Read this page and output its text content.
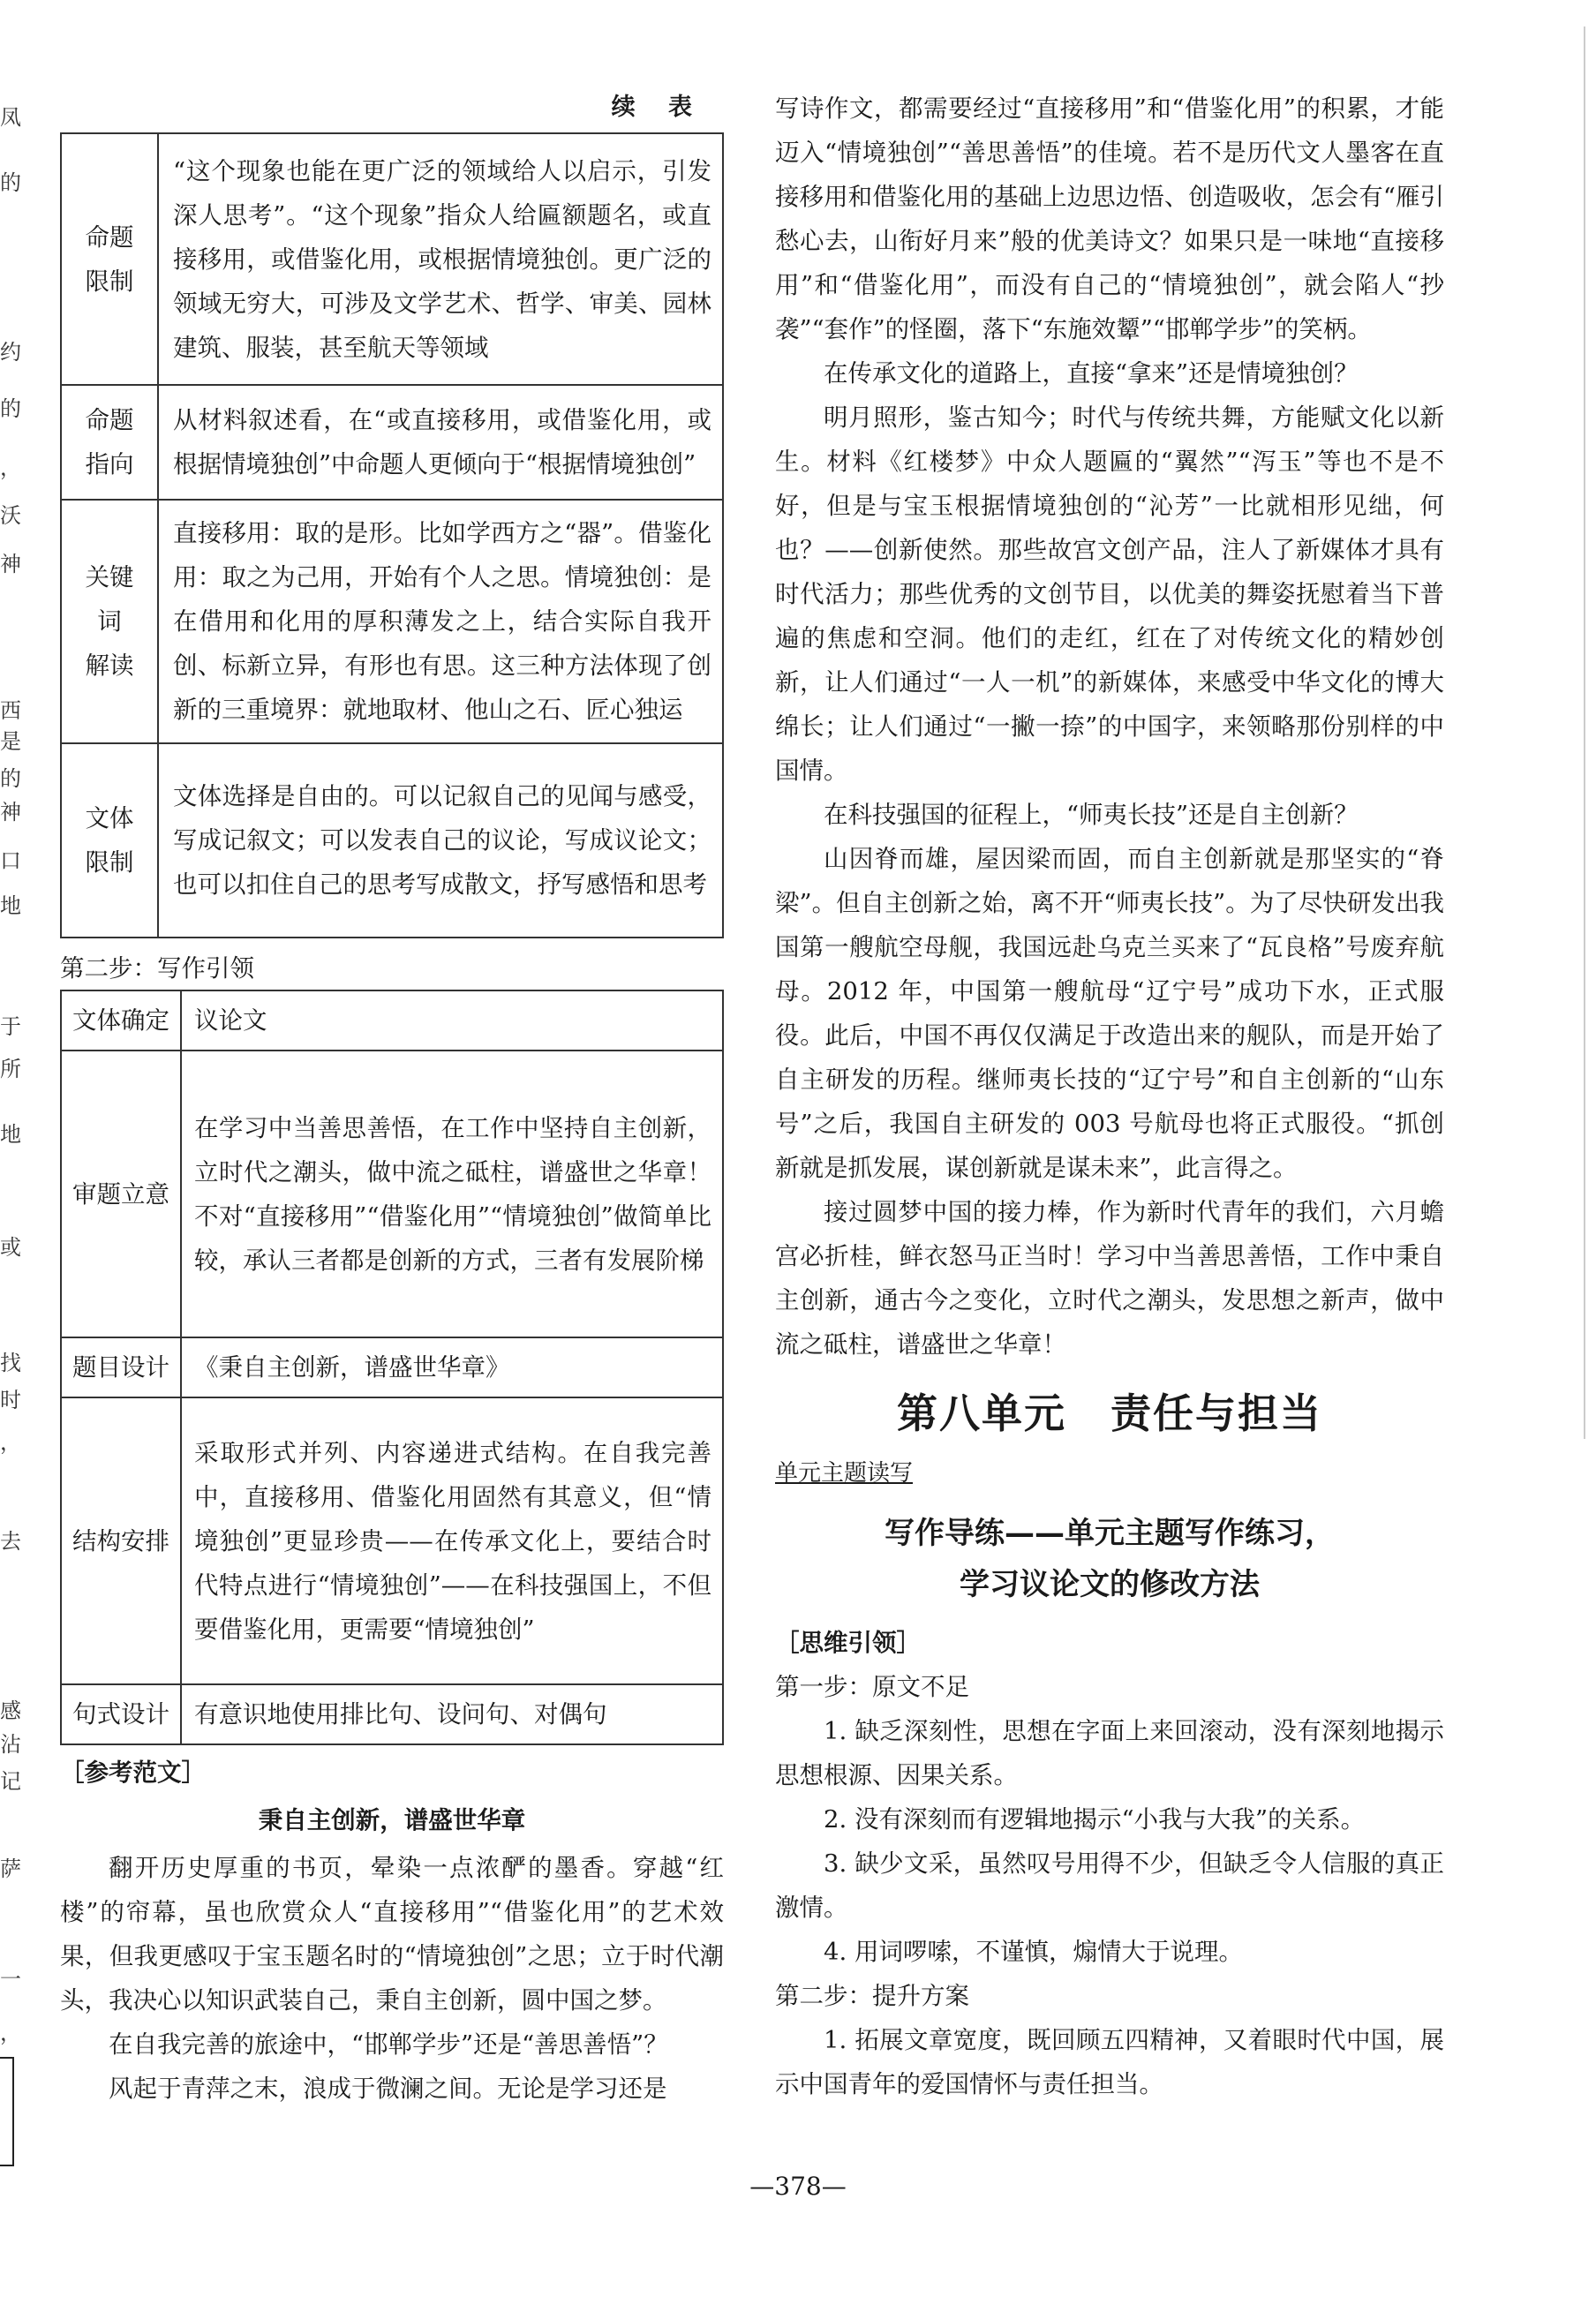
凤
的
约
的
，
沃
神
西
是
的
神
口
地
于
所
地
或
找
时
，
去
感
沾
记
萨
一
，
续 表
命题
限制	“这个现象也能在更广泛的领域给人以启示，引发深人思考”。“这个现象”指众人给匾额题名，或直接移用，或借鉴化用，或根据情境独创。更广泛的领域无穷大，可涉及文学艺术、哲学、审美、园林建筑、服装，甚至航天等领域
命题
指向	从材料叙述看，在“或直接移用，或借鉴化用，或根据情境独创”中命题人更倾向于“根据情境独创”
关键
词
解读	直接移用：取的是形。比如学西方之“器”。借鉴化用：取之为己用，开始有个人之思。情境独创：是在借用和化用的厚积薄发之上，结合实际自我开创、标新立异，有形也有思。这三种方法体现了创新的三重境界：就地取材、他山之石、匠心独运
文体
限制	文体选择是自由的。可以记叙自己的见闻与感受，写成记叙文；可以发表自己的议论，写成议论文；也可以扣住自己的思考写成散文，抒写感悟和思考
第二步：写作引领
文体确定	议论文
审题立意	在学习中当善思善悟，在工作中坚持自主创新，立时代之潮头，做中流之砥柱，谱盛世之华章！不对“直接移用”“借鉴化用”“情境独创”做简单比较，承认三者都是创新的方式，三者有发展阶梯
题目设计	《秉自主创新，谱盛世华章》
结构安排	采取形式并列、内容递进式结构。在自我完善中，直接移用、借鉴化用固然有其意义，但“情境独创”更显珍贵——在传承文化上，要结合时代特点进行“情境独创”——在科技强国上，不但要借鉴化用，更需要“情境独创”
句式设计	有意识地使用排比句、设问句、对偶句
［参考范文］
秉自主创新，谱盛世华章

翻开历史厚重的书页，晕染一点浓酽的墨香。穿越“红楼”的帘幕，虽也欣赏众人“直接移用”“借鉴化用”的艺术效果，但我更感叹于宝玉题名时的“情境独创”之思；立于时代潮头，我决心以知识武装自己，秉自主创新，圆中国之梦。

在自我完善的旅途中，“邯郸学步”还是“善思善悟”？

风起于青萍之末，浪成于微澜之间。无论是学习还是

写诗作文，都需要经过“直接移用”和“借鉴化用”的积累，才能迈入“情境独创”“善思善悟”的佳境。若不是历代文人墨客在直接移用和借鉴化用的基础上边思边悟、创造吸收，怎会有“雁引愁心去，山衔好月来”般的优美诗文？如果只是一味地“直接移用”和“借鉴化用”，而没有自己的“情境独创”，就会陷人“抄袭”“套作”的怪圈，落下“东施效颦”“邯郸学步”的笑柄。

在传承文化的道路上，直接“拿来”还是情境独创？

明月照形，鉴古知今；时代与传统共舞，方能赋文化以新生。材料《红楼梦》中众人题匾的“翼然”“泻玉”等也不是不好，但是与宝玉根据情境独创的“沁芳”一比就相形见绌，何也？——创新使然。那些故宫文创产品，注人了新媒体才具有时代活力；那些优秀的文创节目，以优美的舞姿抚慰着当下普遍的焦虑和空洞。他们的走红，红在了对传统文化的精妙创新，让人们通过“一人一机”的新媒体，来感受中华文化的博大绵长；让人们通过“一撇一捺”的中国字，来领略那份别样的中国情。

在科技强国的征程上，“师夷长技”还是自主创新？

山因脊而雄，屋因梁而固，而自主创新就是那坚实的“脊梁”。但自主创新之始，离不开“师夷长技”。为了尽快研发出我国第一艘航空母舰，我国远赴乌克兰买来了“瓦良格”号废弃航母。2012 年，中国第一艘航母“辽宁号”成功下水，正式服役。此后，中国不再仅仅满足于改造出来的舰队，而是开始了自主研发的历程。继师夷长技的“辽宁号”和自主创新的“山东号”之后，我国自主研发的 003 号航母也将正式服役。“抓创新就是抓发展，谋创新就是谋未来”，此言得之。

接过圆梦中国的接力棒，作为新时代青年的我们，六月蟾宫必折桂，鲜衣怒马正当时！学习中当善思善悟，工作中秉自主创新，通古今之变化，立时代之潮头，发思想之新声，做中流之砥柱，谱盛世之华章！

第八单元 责任与担当
单元主题读写
写作导练——单元主题写作练习，
学习议论文的修改方法
［思维引领］

第一步：原文不足

1. 缺乏深刻性，思想在字面上来回滚动，没有深刻地揭示思想根源、因果关系。

2. 没有深刻而有逻辑地揭示“小我与大我”的关系。

3. 缺少文采，虽然叹号用得不少，但缺乏令人信服的真正激情。

4. 用词啰嗦，不谨慎，煽情大于说理。

第二步：提升方案

1. 拓展文章宽度，既回顾五四精神，又着眼时代中国，展示中国青年的爱国情怀与责任担当。

—378—
